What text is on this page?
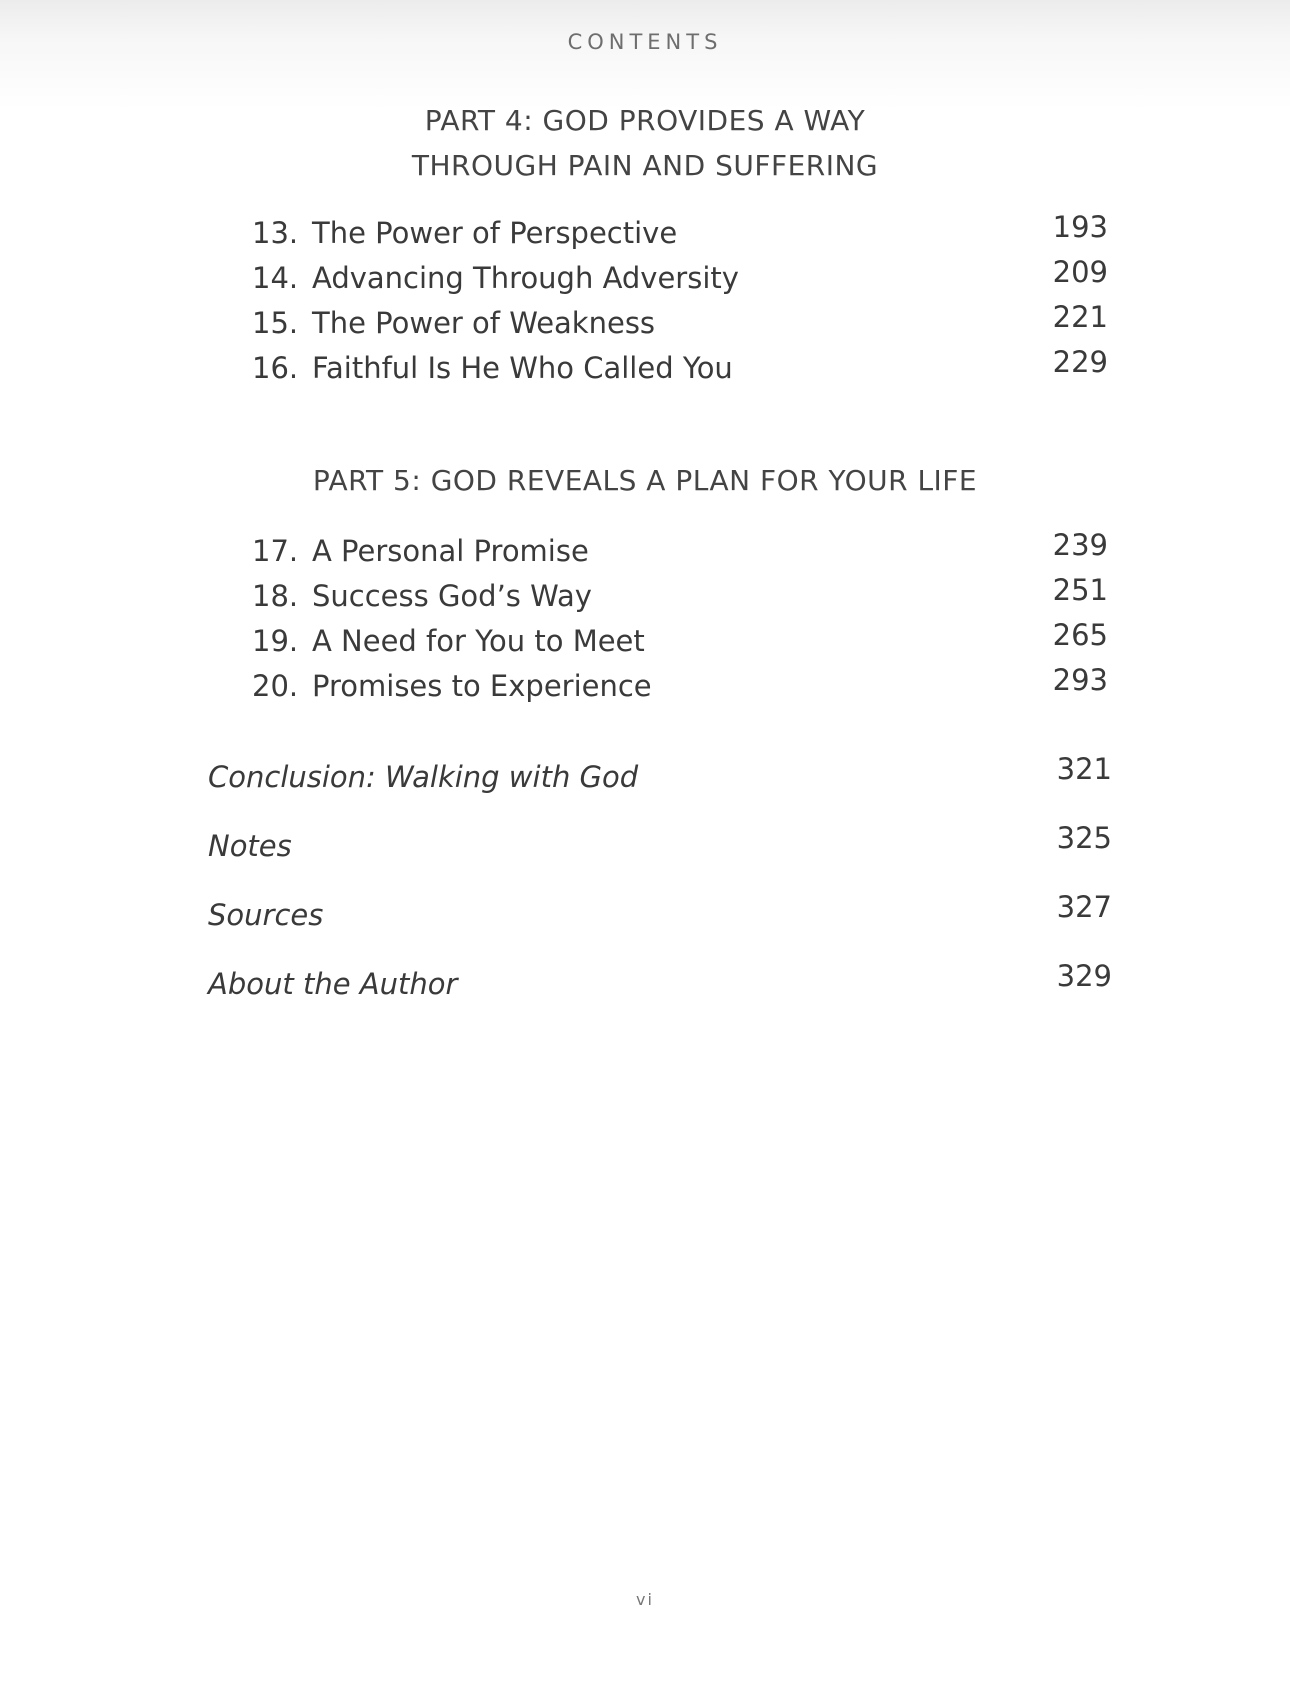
CONTENTS
PART 4: GOD PROVIDES A WAY
THROUGH PAIN AND SUFFERING
13. The Power of Perspective	193
14. Advancing Through Adversity	209
15. The Power of Weakness	221
16. Faithful Is He Who Called You	229
PART 5: GOD REVEALS A PLAN FOR YOUR LIFE
17. A Personal Promise	239
18. Success God’s Way	251
19. A Need for You to Meet	265
20. Promises to Experience	293
Conclusion: Walking with God	321
Notes	325
Sources	327
About the Author	329
vi
